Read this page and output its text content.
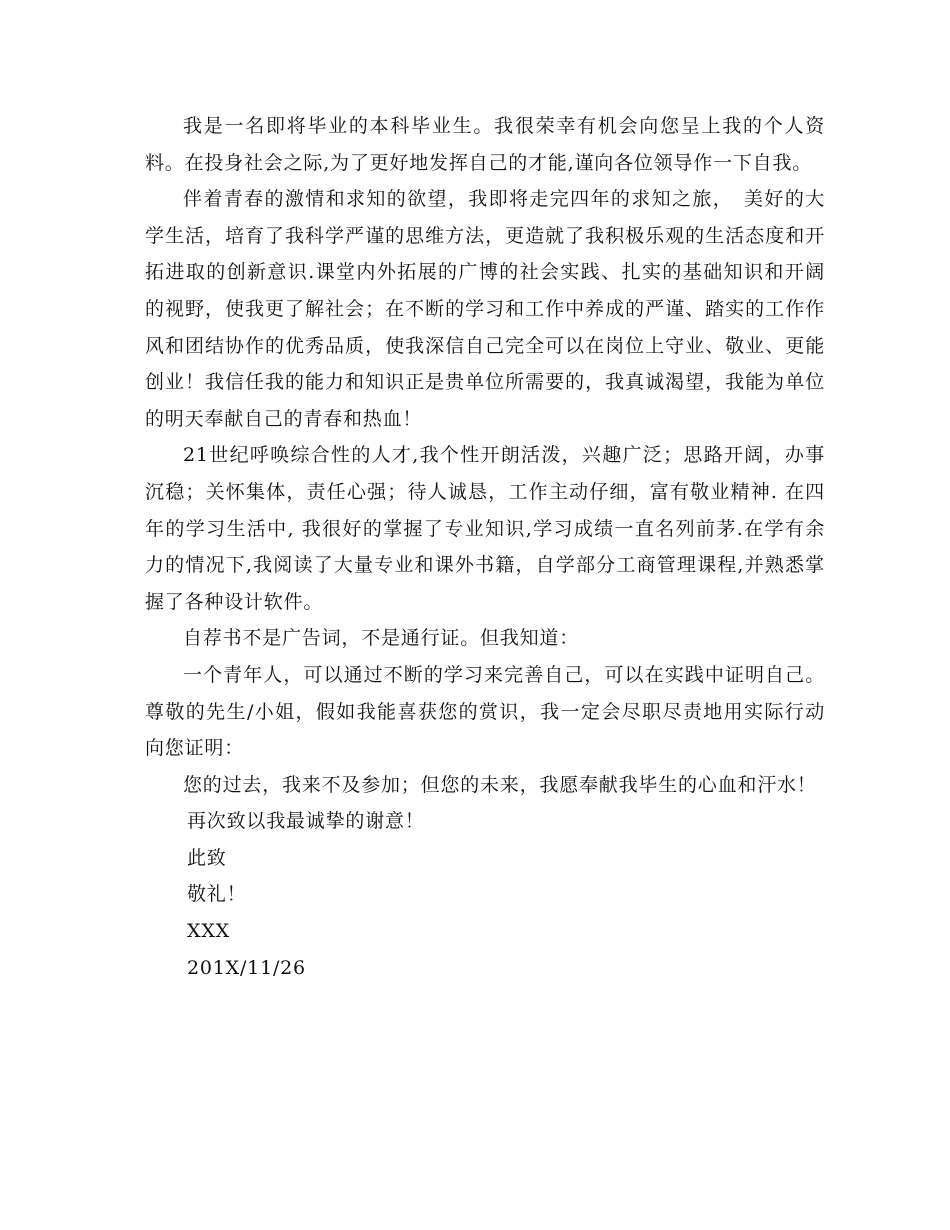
我是一名即将毕业的本科毕业生。我很荣幸有机会向您呈上我的个人资料。在投身社会之际,为了更好地发挥自己的才能,谨向各位领导作一下自我。

伴着青春的激情和求知的欲望，我即将走完四年的求知之旅，　美好的大学生活，培育了我科学严谨的思维方法，更造就了我积极乐观的生活态度和开拓进取的创新意识.课堂内外拓展的广博的社会实践、扎实的基础知识和开阔的视野，使我更了解社会；在不断的学习和工作中养成的严谨、踏实的工作作风和团结协作的优秀品质，使我深信自己完全可以在岗位上守业、敬业、更能创业！我信任我的能力和知识正是贵单位所需要的，我真诚渴望，我能为单位的明天奉献自己的青春和热血！

21世纪呼唤综合性的人才,我个性开朗活泼，兴趣广泛；思路开阔，办事沉稳；关怀集体，责任心强；待人诚恳，工作主动仔细，富有敬业精神. 在四年的学习生活中, 我很好的掌握了专业知识,学习成绩一直名列前茅.在学有余力的情况下,我阅读了大量专业和课外书籍，自学部分工商管理课程,并熟悉掌握了各种设计软件。

自荐书不是广告词，不是通行证。但我知道：

一个青年人，可以通过不断的学习来完善自己，可以在实践中证明自己。尊敬的先生/小姐，假如我能喜获您的赏识，我一定会尽职尽责地用实际行动向您证明：

您的过去，我来不及参加；但您的未来，我愿奉献我毕生的心血和汗水！

再次致以我最诚挚的谢意！

此致

敬礼！

XXX

201X/11/26
